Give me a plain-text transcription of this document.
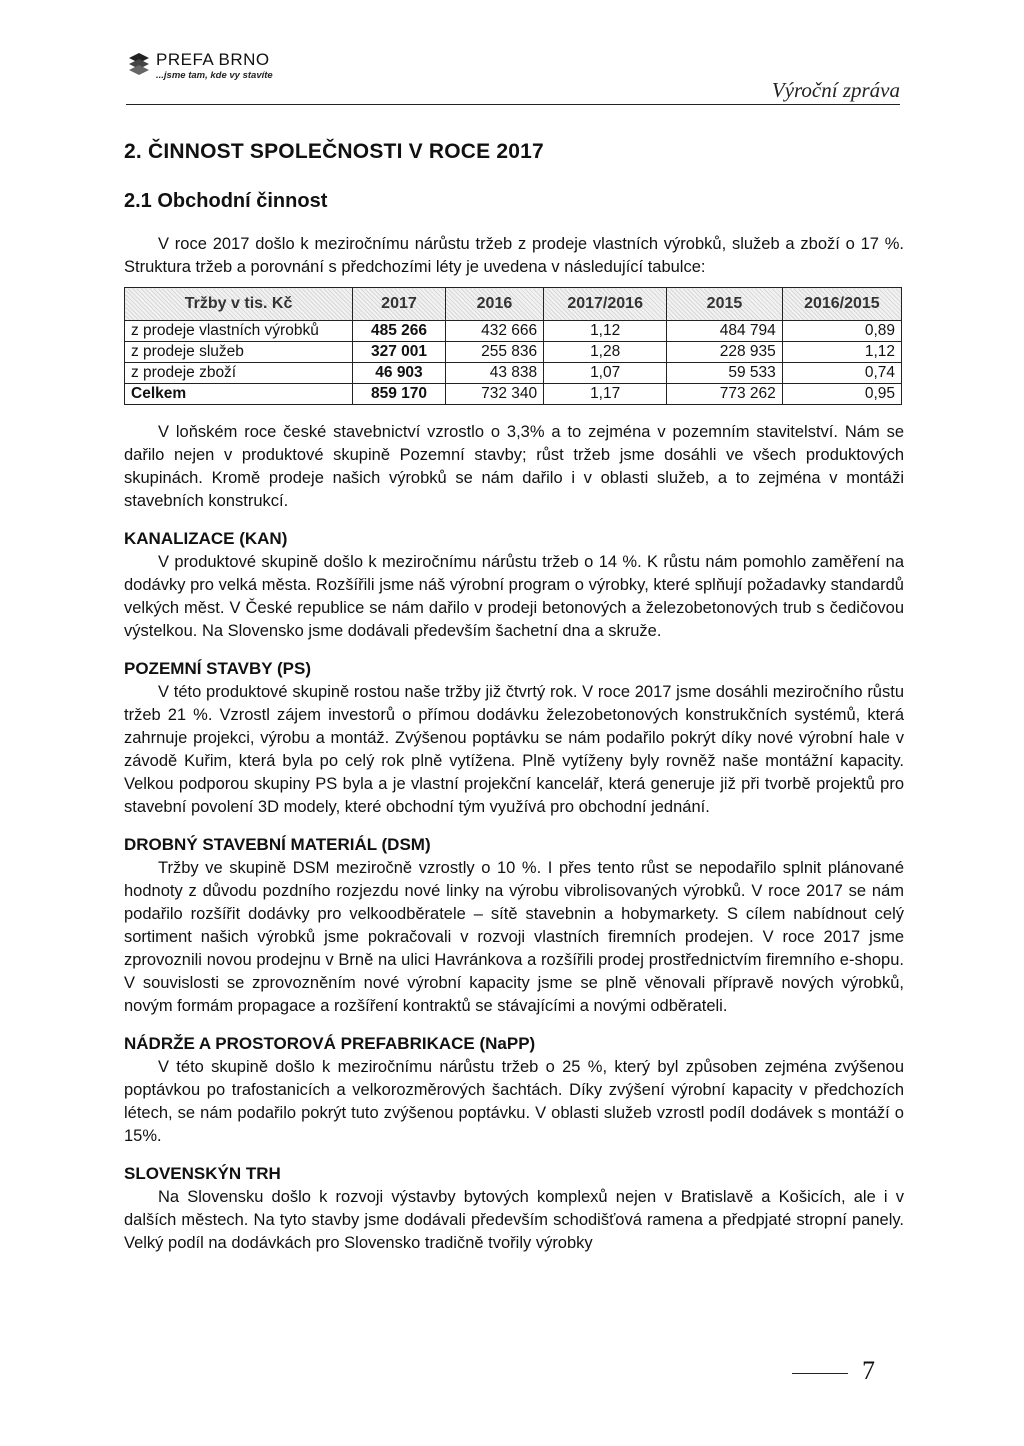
PREFA BRNO
...jsme tam, kde vy stavíte
Výroční zpráva
2. ČINNOST SPOLEČNOSTI V ROCE 2017
2.1 Obchodní činnost

V roce 2017 došlo k meziročnímu nárůstu tržeb z prodeje vlastních výrobků, služeb a zboží o 17 %. Struktura tržeb a porovnání s předchozími léty je uvedena v následující tabulce:

Tržby v tis. Kč	2017	2016	2017/2016	2015	2016/2015
z prodeje vlastních výrobků	485 266	432 666	1,12	484 794	0,89
z prodeje služeb	327 001	255 836	1,28	228 935	1,12
z prodeje zboží	46 903	43 838	1,07	59 533	0,74
Celkem	859 170	732 340	1,17	773 262	0,95

V loňském roce české stavebnictví vzrostlo o 3,3% a to zejména v pozemním stavitelství. Nám se dařilo nejen v produktové skupině Pozemní stavby; růst tržeb jsme dosáhli ve všech produktových skupinách. Kromě prodeje našich výrobků se nám dařilo i v oblasti služeb, a to zejména v montáži stavebních konstrukcí.

KANALIZACE (KAN)

V produktové skupině došlo k meziročnímu nárůstu tržeb o 14 %. K růstu nám pomohlo zaměření na dodávky pro velká města. Rozšířili jsme náš výrobní program o výrobky, které splňují požadavky standardů velkých měst. V České republice se nám dařilo v prodeji betonových a železobetonových trub s čedičovou výstelkou. Na Slovensko jsme dodávali především šachetní dna a skruže.

POZEMNÍ STAVBY (PS)

V této produktové skupině rostou naše tržby již čtvrtý rok. V roce 2017 jsme dosáhli meziročního růstu tržeb 21 %. Vzrostl zájem investorů o přímou dodávku železobetonových konstrukčních systémů, která zahrnuje projekci, výrobu a montáž. Zvýšenou poptávku se nám podařilo pokrýt díky nové výrobní hale v závodě Kuřim, která byla po celý rok plně vytížena. Plně vytíženy byly rovněž naše montážní kapacity. Velkou podporou skupiny PS byla a je vlastní projekční kancelář, která generuje již při tvorbě projektů pro stavební povolení 3D modely, které obchodní tým využívá pro obchodní jednání.

DROBNÝ STAVEBNÍ MATERIÁL (DSM)

Tržby ve skupině DSM meziročně vzrostly o 10 %. I přes tento růst se nepodařilo splnit plánované hodnoty z důvodu pozdního rozjezdu nové linky na výrobu vibrolisovaných výrobků. V roce 2017 se nám podařilo rozšířit dodávky pro velkoodběratele – sítě stavebnin a hobymarkety. S cílem nabídnout celý sortiment našich výrobků jsme pokračovali v rozvoji vlastních firemních prodejen. V roce 2017 jsme zprovoznili novou prodejnu v Brně na ulici Havránkova a rozšířili prodej prostřednictvím firemního e-shopu. V souvislosti se zprovozněním nové výrobní kapacity jsme se plně věnovali přípravě nových výrobků, novým formám propagace a rozšíření kontraktů se stávajícími a novými odběrateli.

NÁDRŽE A PROSTOROVÁ PREFABRIKACE (NaPP)

V této skupině došlo k meziročnímu nárůstu tržeb o 25 %, který byl způsoben zejména zvýšenou poptávkou po trafostanicích a velkorozměrových šachtách. Díky zvýšení výrobní kapacity v předchozích létech, se nám podařilo pokrýt tuto zvýšenou poptávku. V oblasti služeb vzrostl podíl dodávek s montáží o 15%.

SLOVENSKÝN TRH

Na Slovensku došlo k rozvoji výstavby bytových komplexů nejen v Bratislavě a Košicích, ale i v dalších městech. Na tyto stavby jsme dodávali především schodišťová ramena a předpjaté stropní panely. Velký podíl na dodávkách pro Slovensko tradičně tvořily výrobky

7
